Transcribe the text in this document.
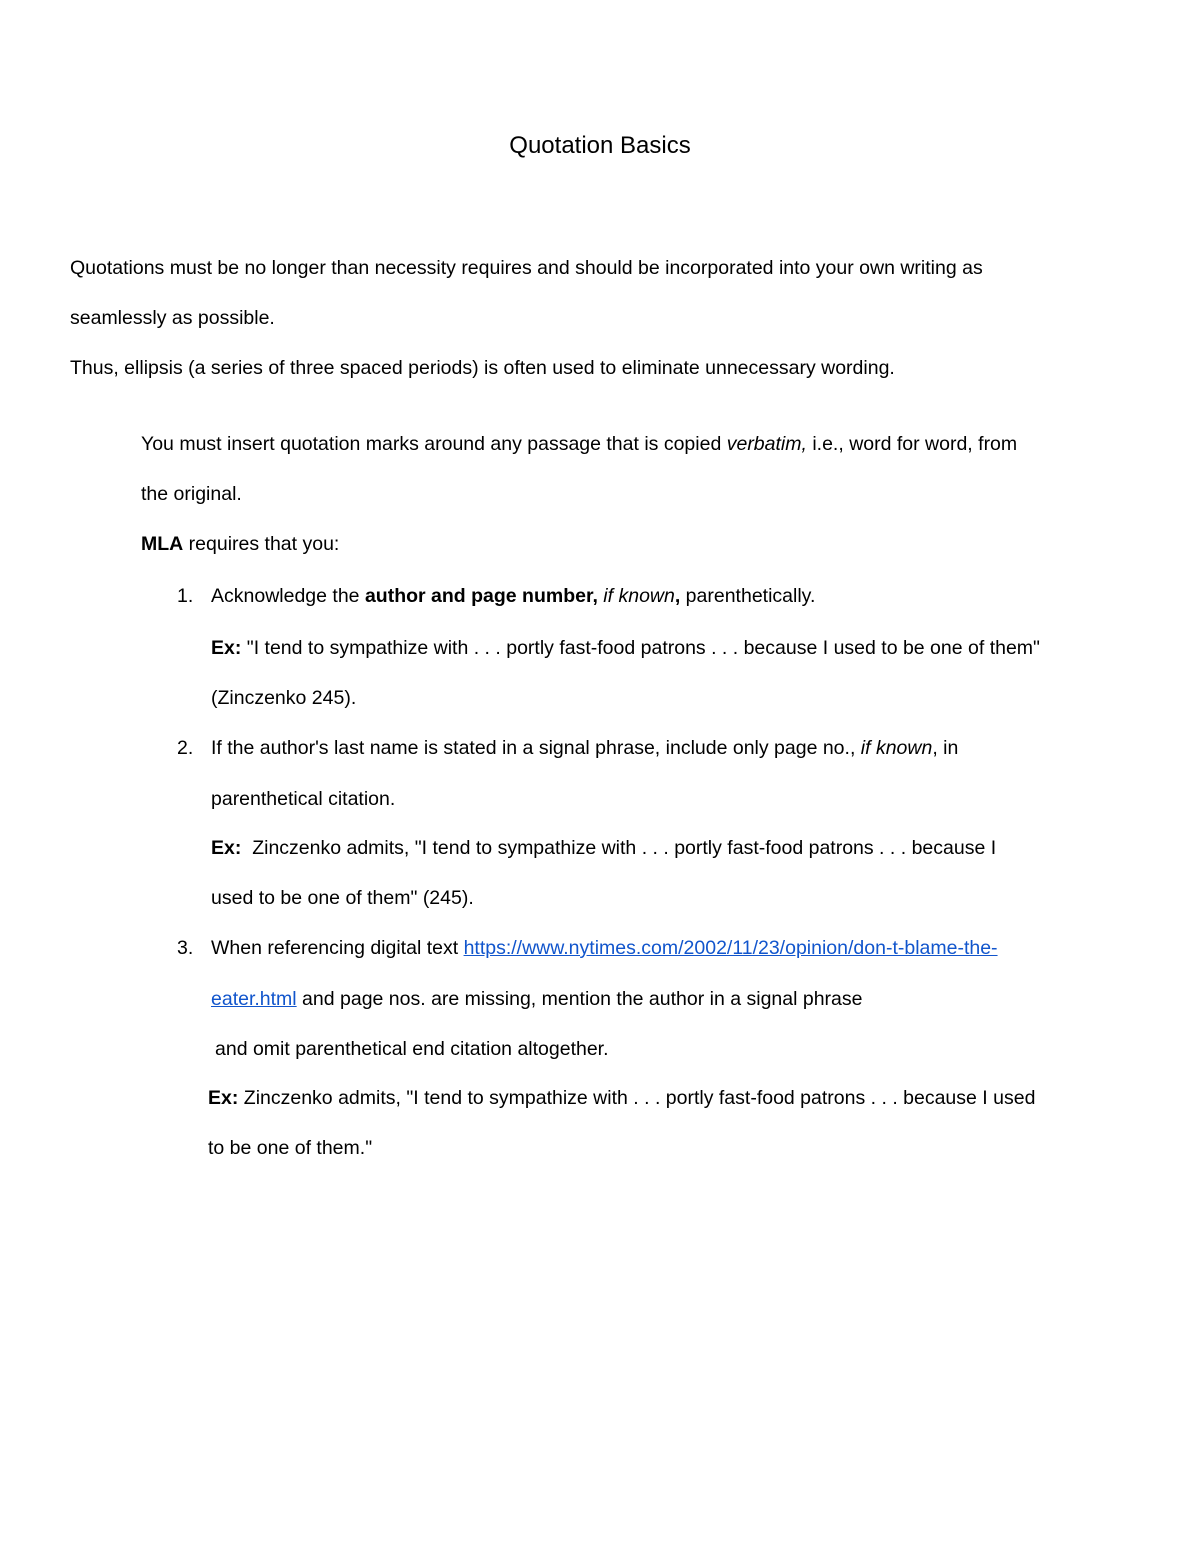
Quotation Basics
Quotations must be no longer than necessity requires and should be incorporated into your own writing as
seamlessly as possible.
Thus, ellipsis (a series of three spaced periods) is often used to eliminate unnecessary wording.
You must insert quotation marks around any passage that is copied verbatim, i.e., word for word, from
the original.
MLA requires that you:
1. Acknowledge the author and page number, if known, parenthetically.
Ex: "I tend to sympathize with . . . portly fast-food patrons . . . because I used to be one of them"
(Zinczenko 245).
2. If the author's last name is stated in a signal phrase, include only page no., if known, in
parenthetical citation.
Ex:  Zinczenko admits, "I tend to sympathize with . . . portly fast-food patrons . . . because I
used to be one of them" (245).
3. When referencing digital text https://www.nytimes.com/2002/11/23/opinion/don-t-blame-the-
eater.html and page nos. are missing, mention the author in a signal phrase
and omit parenthetical end citation altogether.
Ex: Zinczenko admits, "I tend to sympathize with . . . portly fast-food patrons . . . because I used
to be one of them."
